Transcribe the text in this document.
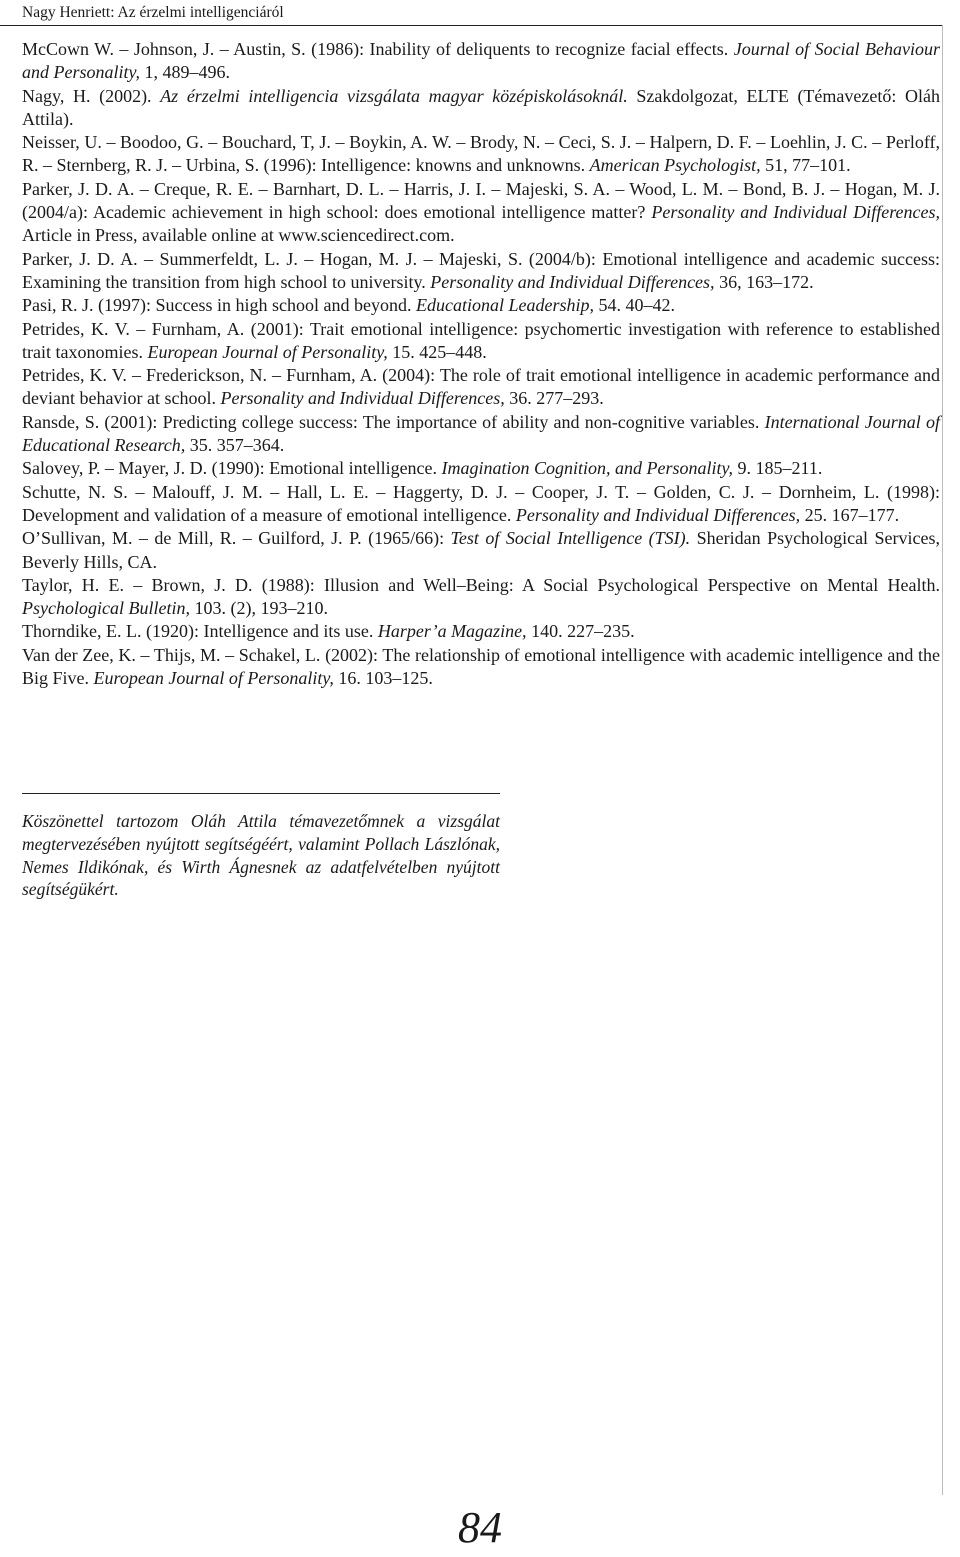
Nagy Henriett: Az érzelmi intelligenciáról

McCown W. – Johnson, J. – Austin, S. (1986): Inability of deliquents to recognize facial effects. Journal of Social Behaviour and Personality, 1, 489–496.

Nagy, H. (2002). Az érzelmi intelligencia vizsgálata magyar középiskolásoknál. Szakdolgozat, ELTE (Témavezető: Oláh Attila).

Neisser, U. – Boodoo, G. – Bouchard, T, J. – Boykin, A. W. – Brody, N. – Ceci, S. J. – Halpern, D. F. – Loehlin, J. C. – Perloff, R. – Sternberg, R. J. – Urbina, S. (1996): Intelligence: knowns and unknowns. American Psychologist, 51, 77–101.

Parker, J. D. A. – Creque, R. E. – Barnhart, D. L. – Harris, J. I. – Majeski, S. A. – Wood, L. M. – Bond, B. J. – Hogan, M. J. (2004/a): Academic achievement in high school: does emotional intelligence matter? Personality and Individual Differences, Article in Press, available online at www.sciencedirect.com.

Parker, J. D. A. – Summerfeldt, L. J. – Hogan, M. J. – Majeski, S. (2004/b): Emotional intelligence and academic success: Examining the transition from high school to university. Personality and Individual Differences, 36, 163–172.

Pasi, R. J. (1997): Success in high school and beyond. Educational Leadership, 54. 40–42.

Petrides, K. V. – Furnham, A. (2001): Trait emotional intelligence: psychomertic investigation with reference to established trait taxonomies. European Journal of Personality, 15. 425–448.

Petrides, K. V. – Frederickson, N. – Furnham, A. (2004): The role of trait emotional intelligence in academic performance and deviant behavior at school. Personality and Individual Differences, 36. 277–293.

Ransde, S. (2001): Predicting college success: The importance of ability and non-cognitive variables. International Journal of Educational Research, 35. 357–364.

Salovey, P. – Mayer, J. D. (1990): Emotional intelligence. Imagination Cognition, and Personality, 9. 185–211.

Schutte, N. S. – Malouff, J. M. – Hall, L. E. – Haggerty, D. J. – Cooper, J. T. – Golden, C. J. – Dornheim, L. (1998): Development and validation of a measure of emotional intelligence. Personality and Individual Differences, 25. 167–177.

O’Sullivan, M. – de Mill, R. – Guilford, J. P. (1965/66): Test of Social Intelligence (TSI). Sheridan Psychological Services, Beverly Hills, CA.

Taylor, H. E. – Brown, J. D. (1988): Illusion and Well–Being: A Social Psychological Perspective on Mental Health. Psychological Bulletin, 103. (2), 193–210.

Thorndike, E. L. (1920): Intelligence and its use. Harper’a Magazine, 140. 227–235.

Van der Zee, K. – Thijs, M. – Schakel, L. (2002): The relationship of emotional intelligence with academic intelligence and the Big Five. European Journal of Personality, 16. 103–125.

Köszönettel tartozom Oláh Attila témavezetőmnek a vizsgálat megtervezésében nyújtott segítségéért, valamint Pollach Lászlónak, Nemes Ildikónak, és Wirth Ágnesnek az adatfelvételben nyújtott segítségükért.
84
